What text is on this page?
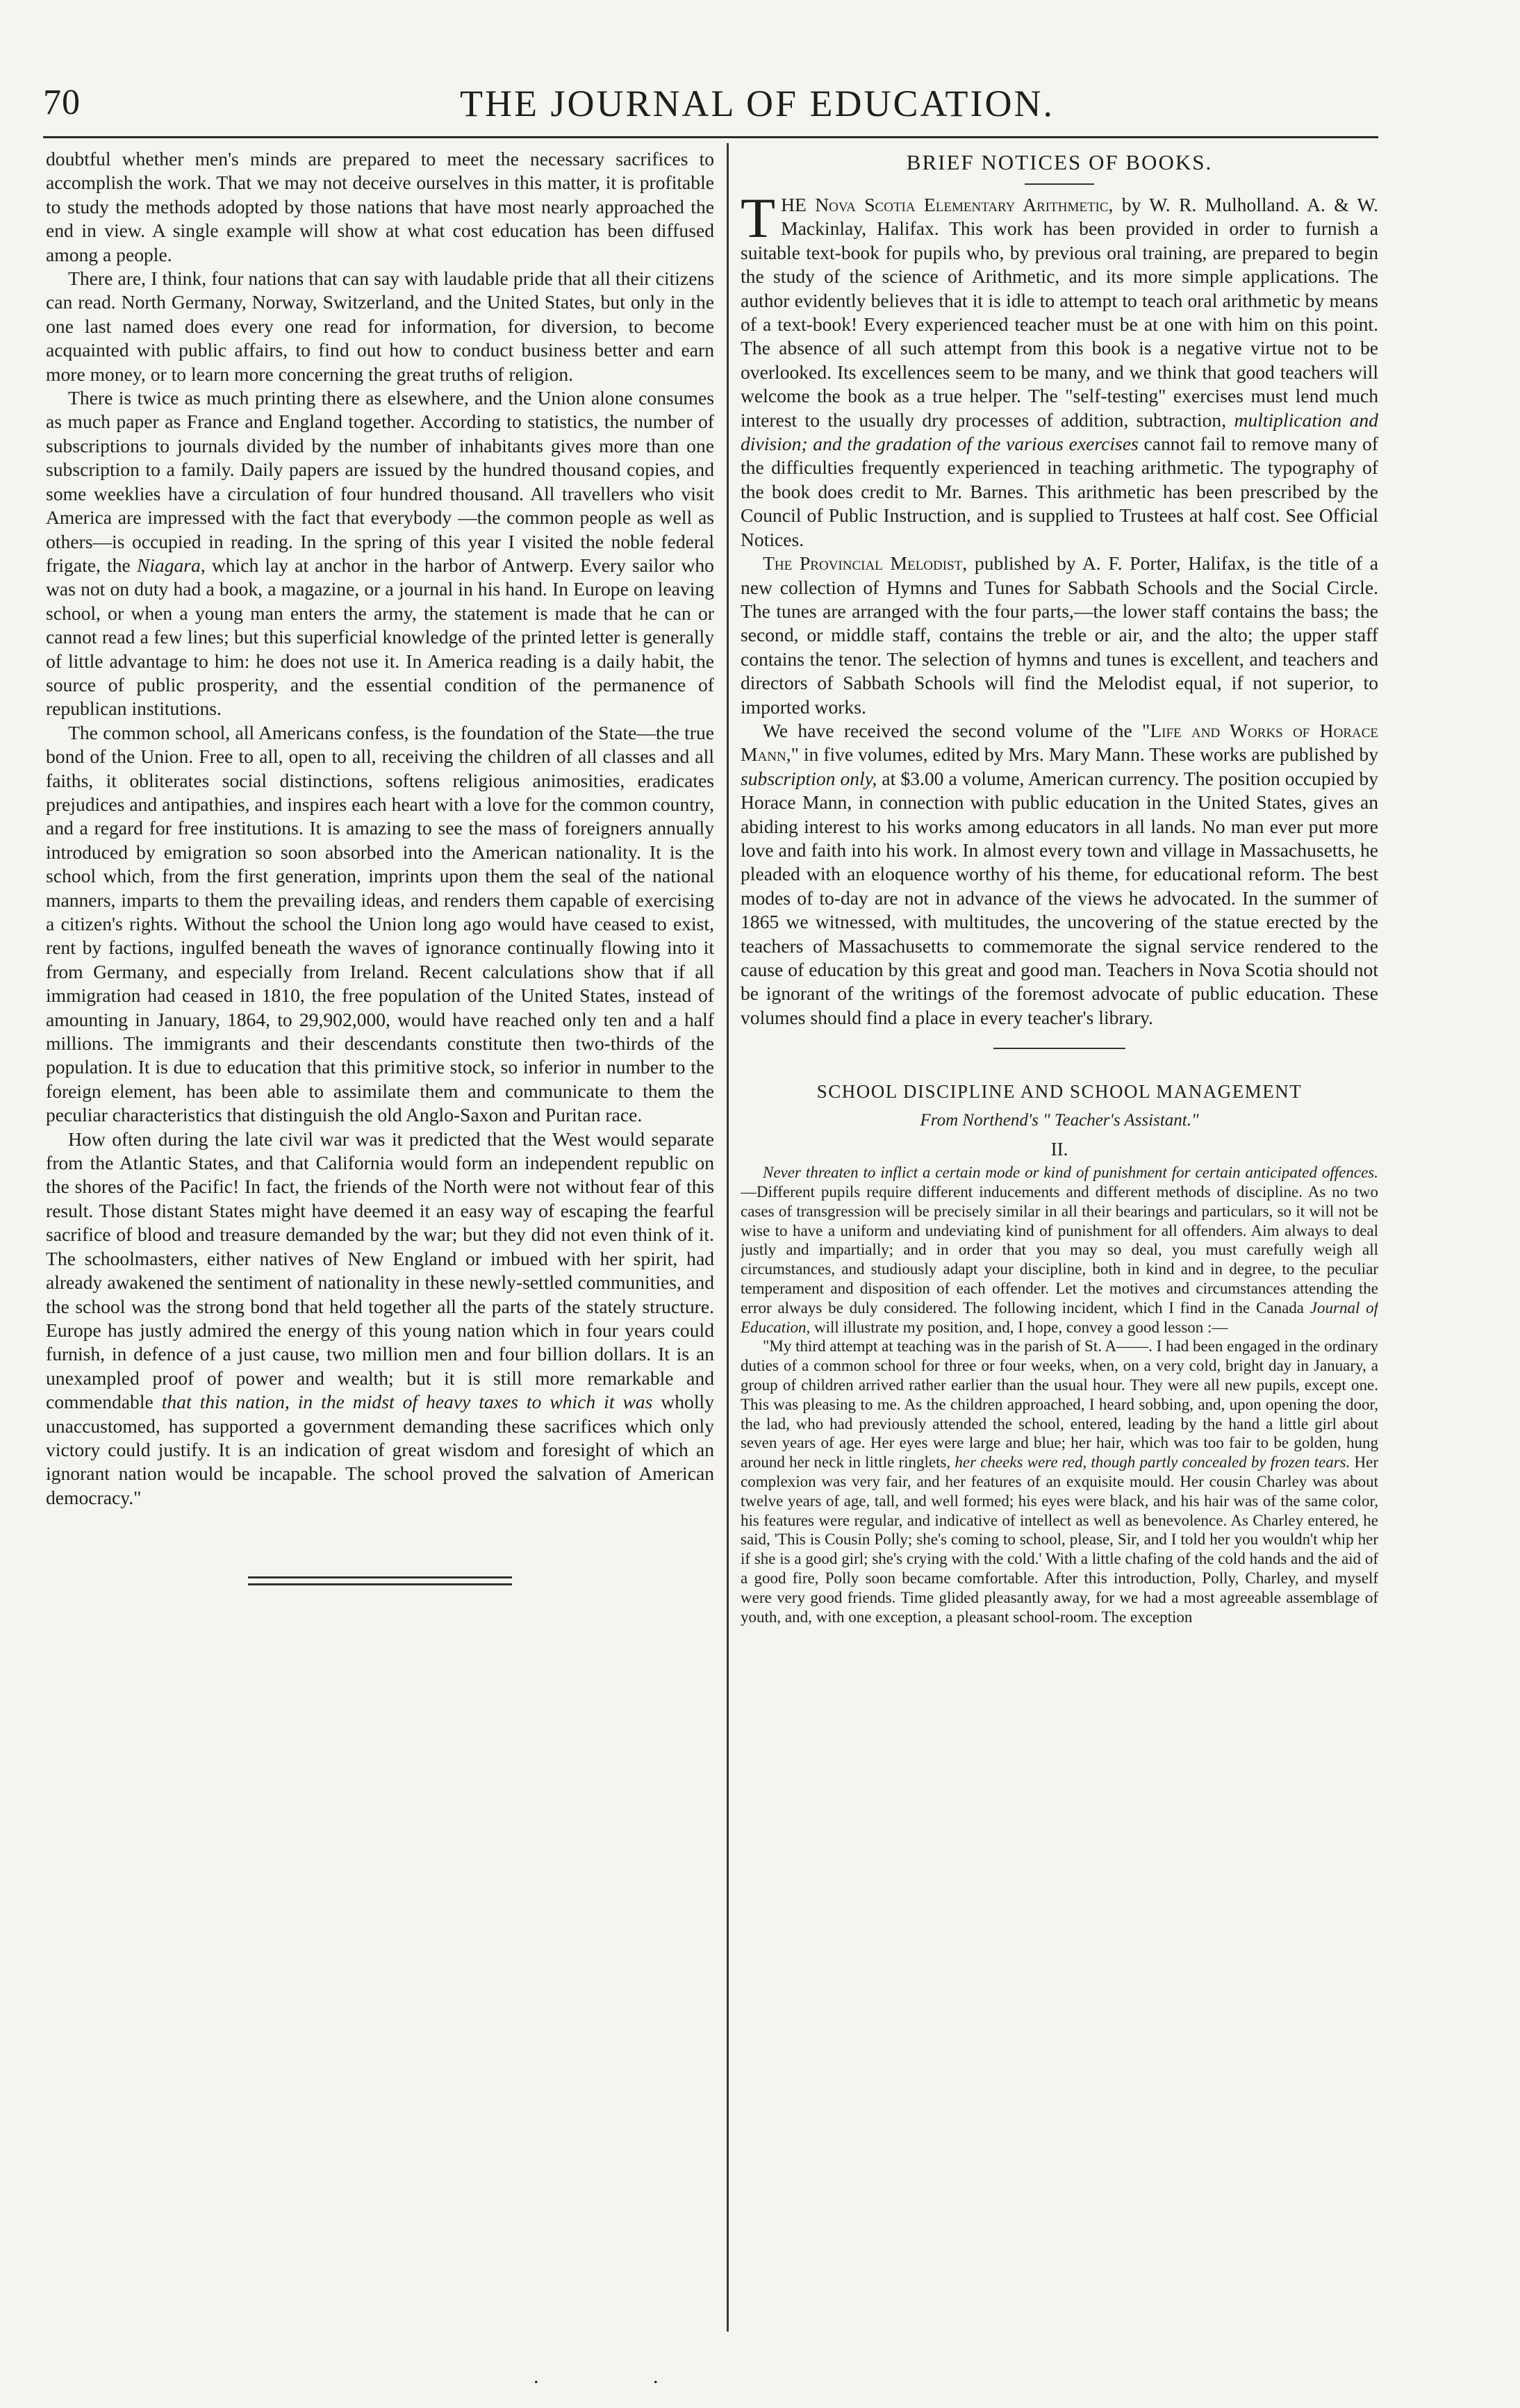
70	THE JOURNAL OF EDUCATION.

doubtful whether men's minds are prepared to meet the necessary sacrifices to accomplish the work. That we may not deceive ourselves in this matter, it is profitable to study the methods adopted by those nations that have most nearly approached the end in view. A single example will show at what cost education has been diffused among a people.

There are, I think, four nations that can say with laudable pride that all their citizens can read. North Germany, Norway, Switzerland, and the United States, but only in the one last named does every one read for information, for diversion, to become acquainted with public affairs, to find out how to conduct business better and earn more money, or to learn more concerning the great truths of religion.

There is twice as much printing there as elsewhere, and the Union alone consumes as much paper as France and England together. According to statistics, the number of subscriptions to journals divided by the number of inhabitants gives more than one subscription to a family. Daily papers are issued by the hundred thousand copies, and some weeklies have a circulation of four hundred thousand. All travellers who visit America are impressed with the fact that everybody —the common people as well as others—is occupied in reading. In the spring of this year I visited the noble federal frigate, the Niagara, which lay at anchor in the harbor of Antwerp. Every sailor who was not on duty had a book, a magazine, or a journal in his hand. In Europe on leaving school, or when a young man enters the army, the statement is made that he can or cannot read a few lines; but this superficial knowledge of the printed letter is generally of little advantage to him: he does not use it. In America reading is a daily habit, the source of public prosperity, and the essential condition of the permanence of republican institutions.

The common school, all Americans confess, is the foundation of the State—the true bond of the Union. Free to all, open to all, receiving the children of all classes and all faiths, it obliterates social distinctions, softens religious animosities, eradicates prejudices and antipathies, and inspires each heart with a love for the common country, and a regard for free institutions. It is amazing to see the mass of foreigners annually introduced by emigration so soon absorbed into the American nationality. It is the school which, from the first generation, imprints upon them the seal of the national manners, imparts to them the prevailing ideas, and renders them capable of exercising a citizen's rights. Without the school the Union long ago would have ceased to exist, rent by factions, ingulfed beneath the waves of ignorance continually flowing into it from Germany, and especially from Ireland. Recent calculations show that if all immigration had ceased in 1810, the free population of the United States, instead of amounting in January, 1864, to 29,902,000, would have reached only ten and a half millions. The immigrants and their descendants constitute then two-thirds of the population. It is due to education that this primitive stock, so inferior in number to the foreign element, has been able to assimilate them and communicate to them the peculiar characteristics that distinguish the old Anglo-Saxon and Puritan race.

How often during the late civil war was it predicted that the West would separate from the Atlantic States, and that California would form an independent republic on the shores of the Pacific! In fact, the friends of the North were not without fear of this result. Those distant States might have deemed it an easy way of escaping the fearful sacrifice of blood and treasure demanded by the war; but they did not even think of it. The schoolmasters, either natives of New England or imbued with her spirit, had already awakened the sentiment of nationality in these newly-settled communities, and the school was the strong bond that held together all the parts of the stately structure. Europe has justly admired the energy of this young nation which in four years could furnish, in defence of a just cause, two million men and four billion dollars. It is an unexampled proof of power and wealth; but it is still more remarkable and commendable that this nation, in the midst of heavy taxes to which it was wholly unaccustomed, has supported a government demanding these sacrifices which only victory could justify. It is an indication of great wisdom and foresight of which an ignorant nation would be incapable. The school proved the salvation of American democracy."

BRIEF NOTICES OF BOOKS.

THE Nova Scotia Elementary Arithmetic, by W. R. Mulholland. A. & W. Mackinlay, Halifax. This work has been provided in order to furnish a suitable text-book for pupils who, by previous oral training, are prepared to begin the study of the science of Arithmetic, and its more simple applications. The author evidently believes that it is idle to attempt to teach oral arithmetic by means of a text-book! Every experienced teacher must be at one with him on this point. The absence of all such attempt from this book is a negative virtue not to be overlooked. Its excellences seem to be many, and we think that good teachers will welcome the book as a true helper. The "self-testing" exercises must lend much interest to the usually dry processes of addition, subtraction, multiplication and division; and the gradation of the various exercises cannot fail to remove many of the difficulties frequently experienced in teaching arithmetic. The typography of the book does credit to Mr. Barnes. This arithmetic has been prescribed by the Council of Public Instruction, and is supplied to Trustees at half cost. See Official Notices.

The Provincial Melodist, published by A. F. Porter, Halifax, is the title of a new collection of Hymns and Tunes for Sabbath Schools and the Social Circle. The tunes are arranged with the four parts,—the lower staff contains the bass; the second, or middle staff, contains the treble or air, and the alto; the upper staff contains the tenor. The selection of hymns and tunes is excellent, and teachers and directors of Sabbath Schools will find the Melodist equal, if not superior, to imported works.

We have received the second volume of the "Life and Works of Horace Mann," in five volumes, edited by Mrs. Mary Mann. These works are published by subscription only, at $3.00 a volume, American currency. The position occupied by Horace Mann, in connection with public education in the United States, gives an abiding interest to his works among educators in all lands. No man ever put more love and faith into his work. In almost every town and village in Massachusetts, he pleaded with an eloquence worthy of his theme, for educational reform. The best modes of to-day are not in advance of the views he advocated. In the summer of 1865 we witnessed, with multitudes, the uncovering of the statue erected by the teachers of Massachusetts to commemorate the signal service rendered to the cause of education by this great and good man. Teachers in Nova Scotia should not be ignorant of the writings of the foremost advocate of public education. These volumes should find a place in every teacher's library.

SCHOOL DISCIPLINE AND SCHOOL MANAGEMENT
From Northend's " Teacher's Assistant."
II.

Never threaten to inflict a certain mode or kind of punishment for certain anticipated offences.—Different pupils require different inducements and different methods of discipline. As no two cases of transgression will be precisely similar in all their bearings and particulars, so it will not be wise to have a uniform and undeviating kind of punishment for all offenders. Aim always to deal justly and impartially; and in order that you may so deal, you must carefully weigh all circumstances, and studiously adapt your discipline, both in kind and in degree, to the peculiar temperament and disposition of each offender. Let the motives and circumstances attending the error always be duly considered. The following incident, which I find in the Canada Journal of Education, will illustrate my position, and, I hope, convey a good lesson :—

"My third attempt at teaching was in the parish of St. A——. I had been engaged in the ordinary duties of a common school for three or four weeks, when, on a very cold, bright day in January, a group of children arrived rather earlier than the usual hour. They were all new pupils, except one. This was pleasing to me. As the children approached, I heard sobbing, and, upon opening the door, the lad, who had previously attended the school, entered, leading by the hand a little girl about seven years of age. Her eyes were large and blue; her hair, which was too fair to be golden, hung around her neck in little ringlets, her cheeks were red, though partly concealed by frozen tears. Her complexion was very fair, and her features of an exquisite mould. Her cousin Charley was about twelve years of age, tall, and well formed; his eyes were black, and his hair was of the same color, his features were regular, and indicative of intellect as well as benevolence. As Charley entered, he said, 'This is Cousin Polly; she's coming to school, please, Sir, and I told her you wouldn't whip her if she is a good girl; she's crying with the cold.' With a little chafing of the cold hands and the aid of a good fire, Polly soon became comfortable. After this introduction, Polly, Charley, and myself were very good friends. Time glided pleasantly away, for we had a most agreeable assemblage of youth, and, with one exception, a pleasant school-room. The exception

.	.
